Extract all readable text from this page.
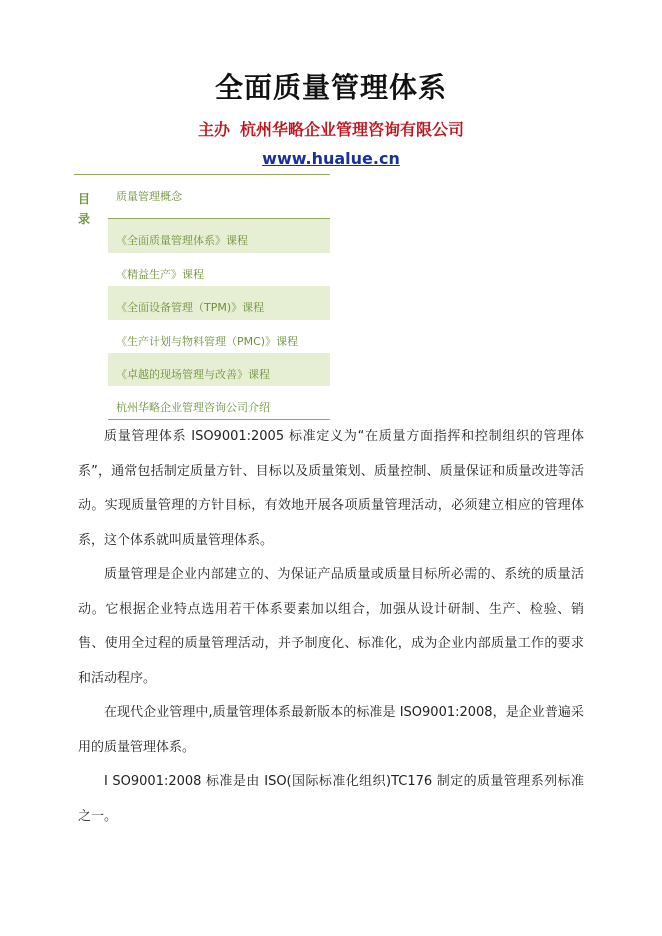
全面质量管理体系
主办 杭州华略企业管理咨询有限公司
www.hualue.cn
目录
质量管理概念
《全面质量管理体系》课程
《精益生产》课程
《全面设备管理（TPM)》课程
《生产计划与物料管理（PMC)》课程
《卓越的现场管理与改善》课程
杭州华略企业管理咨询公司介绍

质量管理体系 ISO9001:2005 标准定义为“在质量方面指挥和控制组织的管理体系”，通常包括制定质量方针、目标以及质量策划、质量控制、质量保证和质量改进等活动。实现质量管理的方针目标，有效地开展各项质量管理活动，必须建立相应的管理体系，这个体系就叫质量管理体系。

质量管理是企业内部建立的、为保证产品质量或质量目标所必需的、系统的质量活动。它根据企业特点选用若干体系要素加以组合，加强从设计研制、生产、检验、销售、使用全过程的质量管理活动，并予制度化、标准化，成为企业内部质量工作的要求和活动程序。

在现代企业管理中,质量管理体系最新版本的标准是 ISO9001:2008，是企业普遍采用的质量管理体系。

I SO9001:2008 标准是由 ISO(国际标准化组织)TC176 制定的质量管理系列标准之一。
